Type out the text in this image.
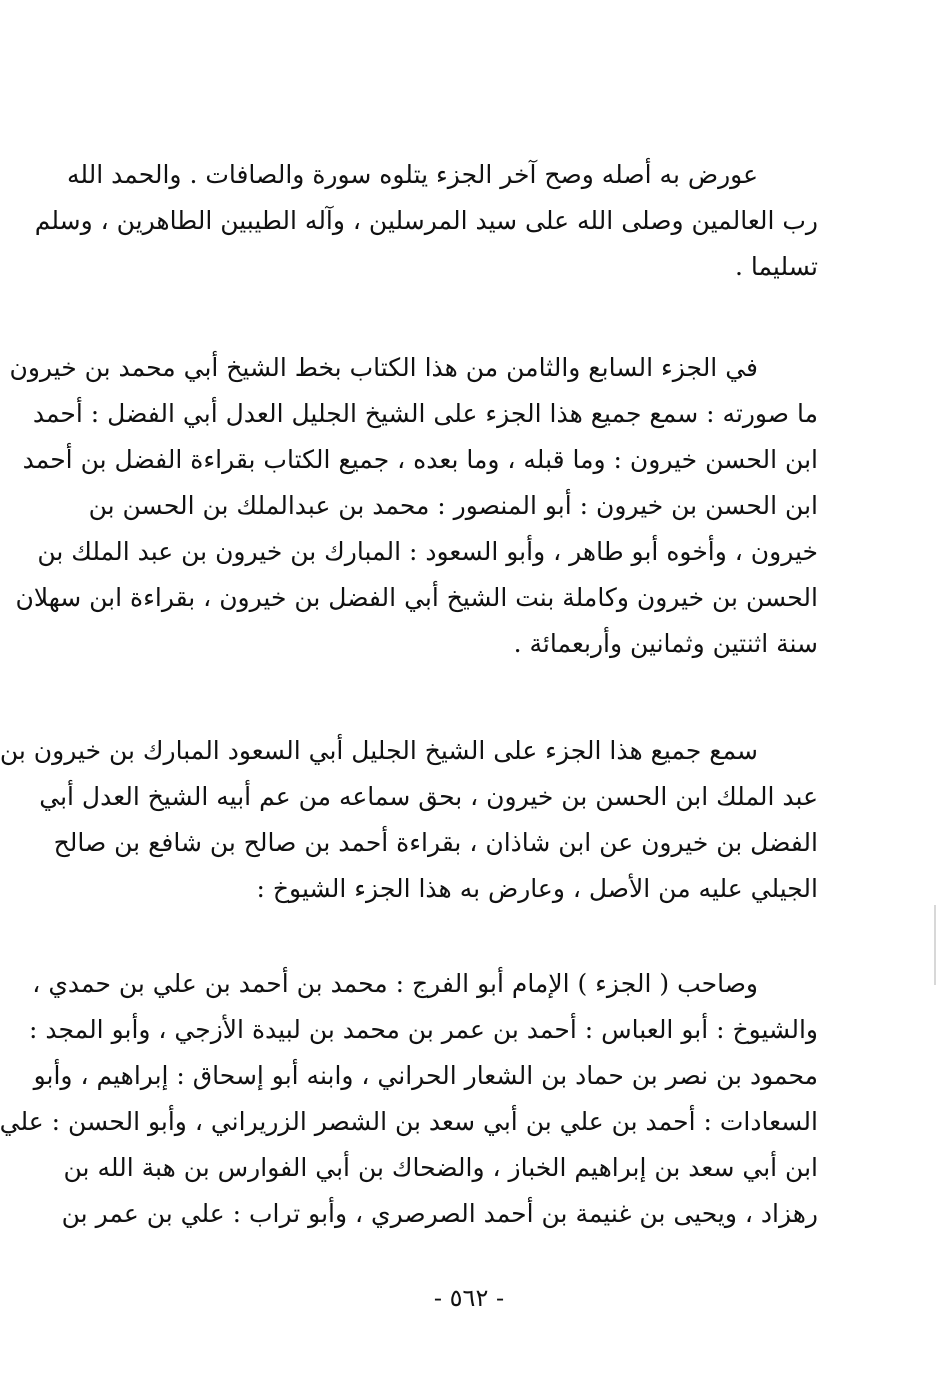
عورض به أصله وصح آخر الجزء يتلوه سورة والصافات . والحمد الله
رب العالمين وصلى الله على سيد المرسلين ، وآله الطيبين الطاهرين ، وسلم
تسليما .
في الجزء السابع والثامن من هذا الكتاب بخط الشيخ أبي محمد بن خيرون
ما صورته : سمع جميع هذا الجزء على الشيخ الجليل العدل أبي الفضل : أحمد
ابن الحسن خيرون : وما قبله ، وما بعده ، جميع الكتاب بقراءة الفضل بن أحمد
ابن الحسن بن خيرون : أبو المنصور : محمد بن عبدالملك بن الحسن بن
خيرون ، وأخوه أبو طاهر ، وأبو السعود : المبارك بن خيرون بن عبد الملك بن
الحسن بن خيرون وكاملة بنت الشيخ أبي الفضل بن خيرون ، بقراءة ابن سهلان
سنة اثنتين وثمانين وأربعمائة .
سمع جميع هذا الجزء على الشيخ الجليل أبي السعود المبارك بن خيرون بن
عبد الملك ابن الحسن بن خيرون ، بحق سماعه من عم أبيه الشيخ العدل أبي
الفضل بن خيرون عن ابن شاذان ، بقراءة أحمد بن صالح بن شافع بن صالح
الجيلي عليه من الأصل ، وعارض به هذا الجزء الشيوخ :
وصاحب ( الجزء ) الإمام أبو الفرج : محمد بن أحمد بن علي بن حمدي ،
والشيوخ : أبو العباس : أحمد بن عمر بن محمد بن لبيدة الأزجي ، وأبو المجد :
محمود بن نصر بن حماد بن الشعار الحراني ، وابنه أبو إسحاق : إبراهيم ، وأبو
السعادات : أحمد بن علي بن أبي سعد بن الشصر الزريراني ، وأبو الحسن : علي
ابن أبي سعد بن إبراهيم الخباز ، والضحاك بن أبي الفوارس بن هبة الله بن
رهزاد ، ويحيى بن غنيمة بن أحمد الصرصري ، وأبو تراب : علي بن عمر بن
- ٥٦٢ -
